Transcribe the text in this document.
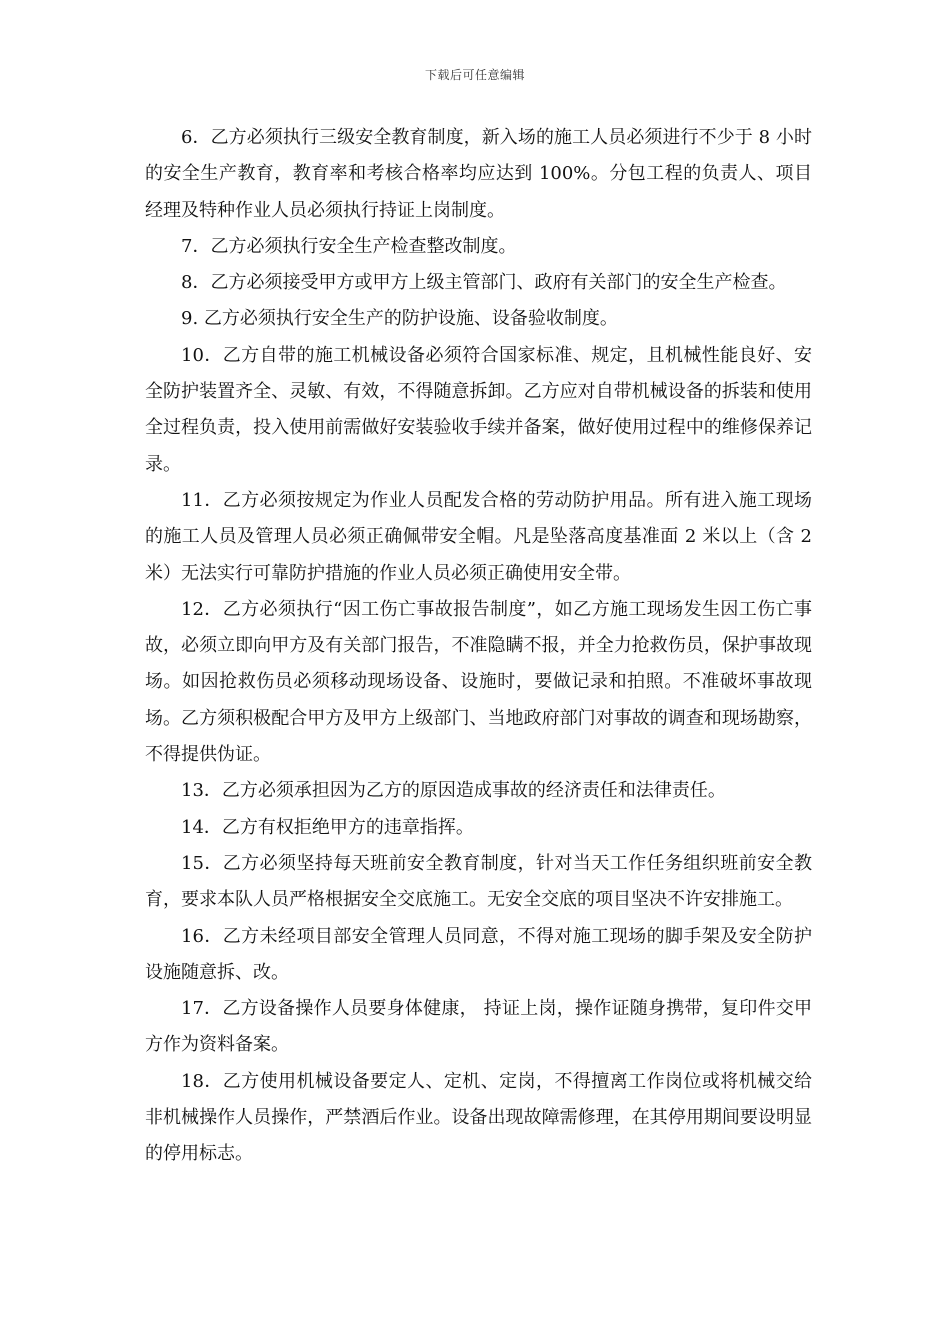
下载后可任意编辑

6．乙方必须执行三级安全教育制度，新入场的施工人员必须进行不少于 8 小时的安全生产教育，教育率和考核合格率均应达到 100%。分包工程的负责人、项目经理及特种作业人员必须执行持证上岗制度。

7．乙方必须执行安全生产检查整改制度。

8．乙方必须接受甲方或甲方上级主管部门、政府有关部门的安全生产检查。

9. 乙方必须执行安全生产的防护设施、设备验收制度。

10．乙方自带的施工机械设备必须符合国家标准、规定，且机械性能良好、安全防护装置齐全、灵敏、有效，不得随意拆卸。乙方应对自带机械设备的拆装和使用全过程负责，投入使用前需做好安装验收手续并备案，做好使用过程中的维修保养记录。

11．乙方必须按规定为作业人员配发合格的劳动防护用品。所有进入施工现场的施工人员及管理人员必须正确佩带安全帽。凡是坠落高度基准面 2 米以上（含 2 米）无法实行可靠防护措施的作业人员必须正确使用安全带。

12．乙方必须执行“因工伤亡事故报告制度”，如乙方施工现场发生因工伤亡事故，必须立即向甲方及有关部门报告，不准隐瞒不报，并全力抢救伤员，保护事故现场。如因抢救伤员必须移动现场设备、设施时，要做记录和拍照。不准破坏事故现场。乙方须积极配合甲方及甲方上级部门、当地政府部门对事故的调查和现场勘察，不得提供伪证。

13．乙方必须承担因为乙方的原因造成事故的经济责任和法律责任。

14．乙方有权拒绝甲方的违章指挥。

15．乙方必须坚持每天班前安全教育制度，针对当天工作任务组织班前安全教育，要求本队人员严格根据安全交底施工。无安全交底的项目坚决不许安排施工。

16．乙方未经项目部安全管理人员同意，不得对施工现场的脚手架及安全防护设施随意拆、改。

17．乙方设备操作人员要身体健康， 持证上岗，操作证随身携带，复印件交甲方作为资料备案。

18．乙方使用机械设备要定人、定机、定岗，不得擅离工作岗位或将机械交给非机械操作人员操作，严禁酒后作业。设备出现故障需修理，在其停用期间要设明显的停用标志。
